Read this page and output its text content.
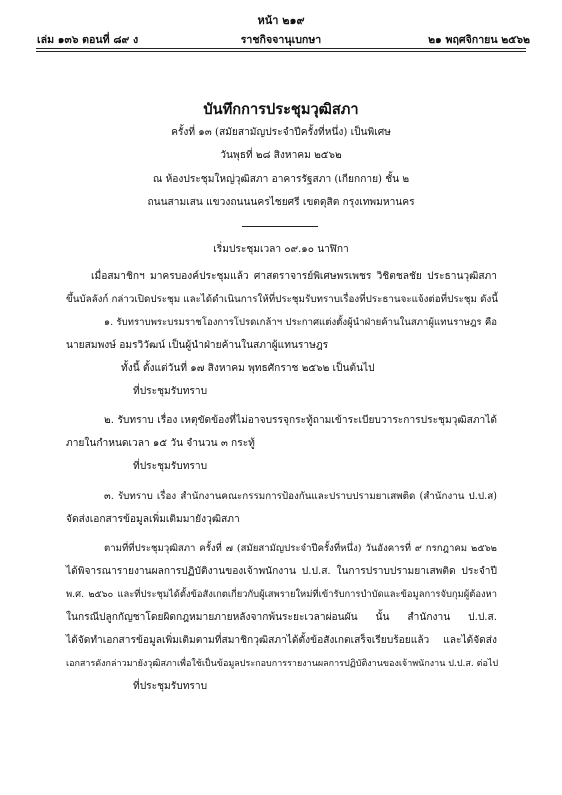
หน้า ๒๑๙
เล่ม ๑๓๖ ตอนที่ ๘๙ ง	ราชกิจจานุเบกษา	๒๑ พฤศจิกายน ๒๕๖๒
บันทึกการประชุมวุฒิสภา
ครั้งที่ ๑๓ (สมัยสามัญประจำปีครั้งที่หนึ่ง) เป็นพิเศษ
วันพุธที่ ๒๘ สิงหาคม ๒๕๖๒
ณ ห้องประชุมใหญ่วุฒิสภา อาคารรัฐสภา (เกียกกาย) ชั้น ๒
ถนนสามเสน แขวงถนนนครไชยศรี เขตดุสิต กรุงเทพมหานคร
เริ่มประชุมเวลา ๐๙.๑๐ นาฬิกา
เมื่อสมาชิกฯ มาครบองค์ประชุมแล้ว ศาสตราจารย์พิเศษพรเพชร วิชิตชลชัย ประธานวุฒิสภา
ขึ้นบัลลังก์ กล่าวเปิดประชุม และได้ดำเนินการให้ที่ประชุมรับทราบเรื่องที่ประธานจะแจ้งต่อที่ประชุม ดังนี้
๑. รับทราบพระบรมราชโองการโปรดเกล้าฯ ประกาศแต่งตั้งผู้นำฝ่ายค้านในสภาผู้แทนราษฎร คือ
นายสมพงษ์ อมรวิวัฒน์ เป็นผู้นำฝ่ายค้านในสภาผู้แทนราษฎร
ทั้งนี้ ตั้งแต่วันที่ ๑๗ สิงหาคม พุทธศักราช ๒๕๖๒ เป็นต้นไป
ที่ประชุมรับทราบ
๒. รับทราบ เรื่อง เหตุขัดข้องที่ไม่อาจบรรจุกระทู้ถามเข้าระเบียบวาระการประชุมวุฒิสภาได้
ภายในกำหนดเวลา ๑๕ วัน จำนวน ๓ กระทู้
ที่ประชุมรับทราบ
๓. รับทราบ เรื่อง สำนักงานคณะกรรมการป้องกันและปราบปรามยาเสพติด (สำนักงาน ป.ป.ส)
จัดส่งเอกสารข้อมูลเพิ่มเติมมายังวุฒิสภา
ตามที่ที่ประชุมวุฒิสภา ครั้งที่ ๗ (สมัยสามัญประจำปีครั้งที่หนึ่ง) วันอังคารที่ ๙ กรกฎาคม ๒๕๖๒
ได้พิจารณารายงานผลการปฏิบัติงานของเจ้าพนักงาน ป.ป.ส. ในการปราบปรามยาเสพติด ประจำปี
พ.ศ. ๒๕๖๐ และที่ประชุมได้ตั้งข้อสังเกตเกี่ยวกับผู้เสพรายใหม่ที่เข้ารับการบำบัดและข้อมูลการจับกุมผู้ต้องหา
ในกรณีปลูกกัญชาโดยผิดกฎหมายภายหลังจากพ้นระยะเวลาผ่อนผัน นั้น สำนักงาน ป.ป.ส.
ได้จัดทำเอกสารข้อมูลเพิ่มเติมตามที่สมาชิกวุฒิสภาได้ตั้งข้อสังเกตเสร็จเรียบร้อยแล้ว และได้จัดส่ง
เอกสารดังกล่าวมายังวุฒิสภาเพื่อใช้เป็นข้อมูลประกอบการรายงานผลการปฏิบัติงานของเจ้าพนักงาน ป.ป.ส. ต่อไป
ที่ประชุมรับทราบ
